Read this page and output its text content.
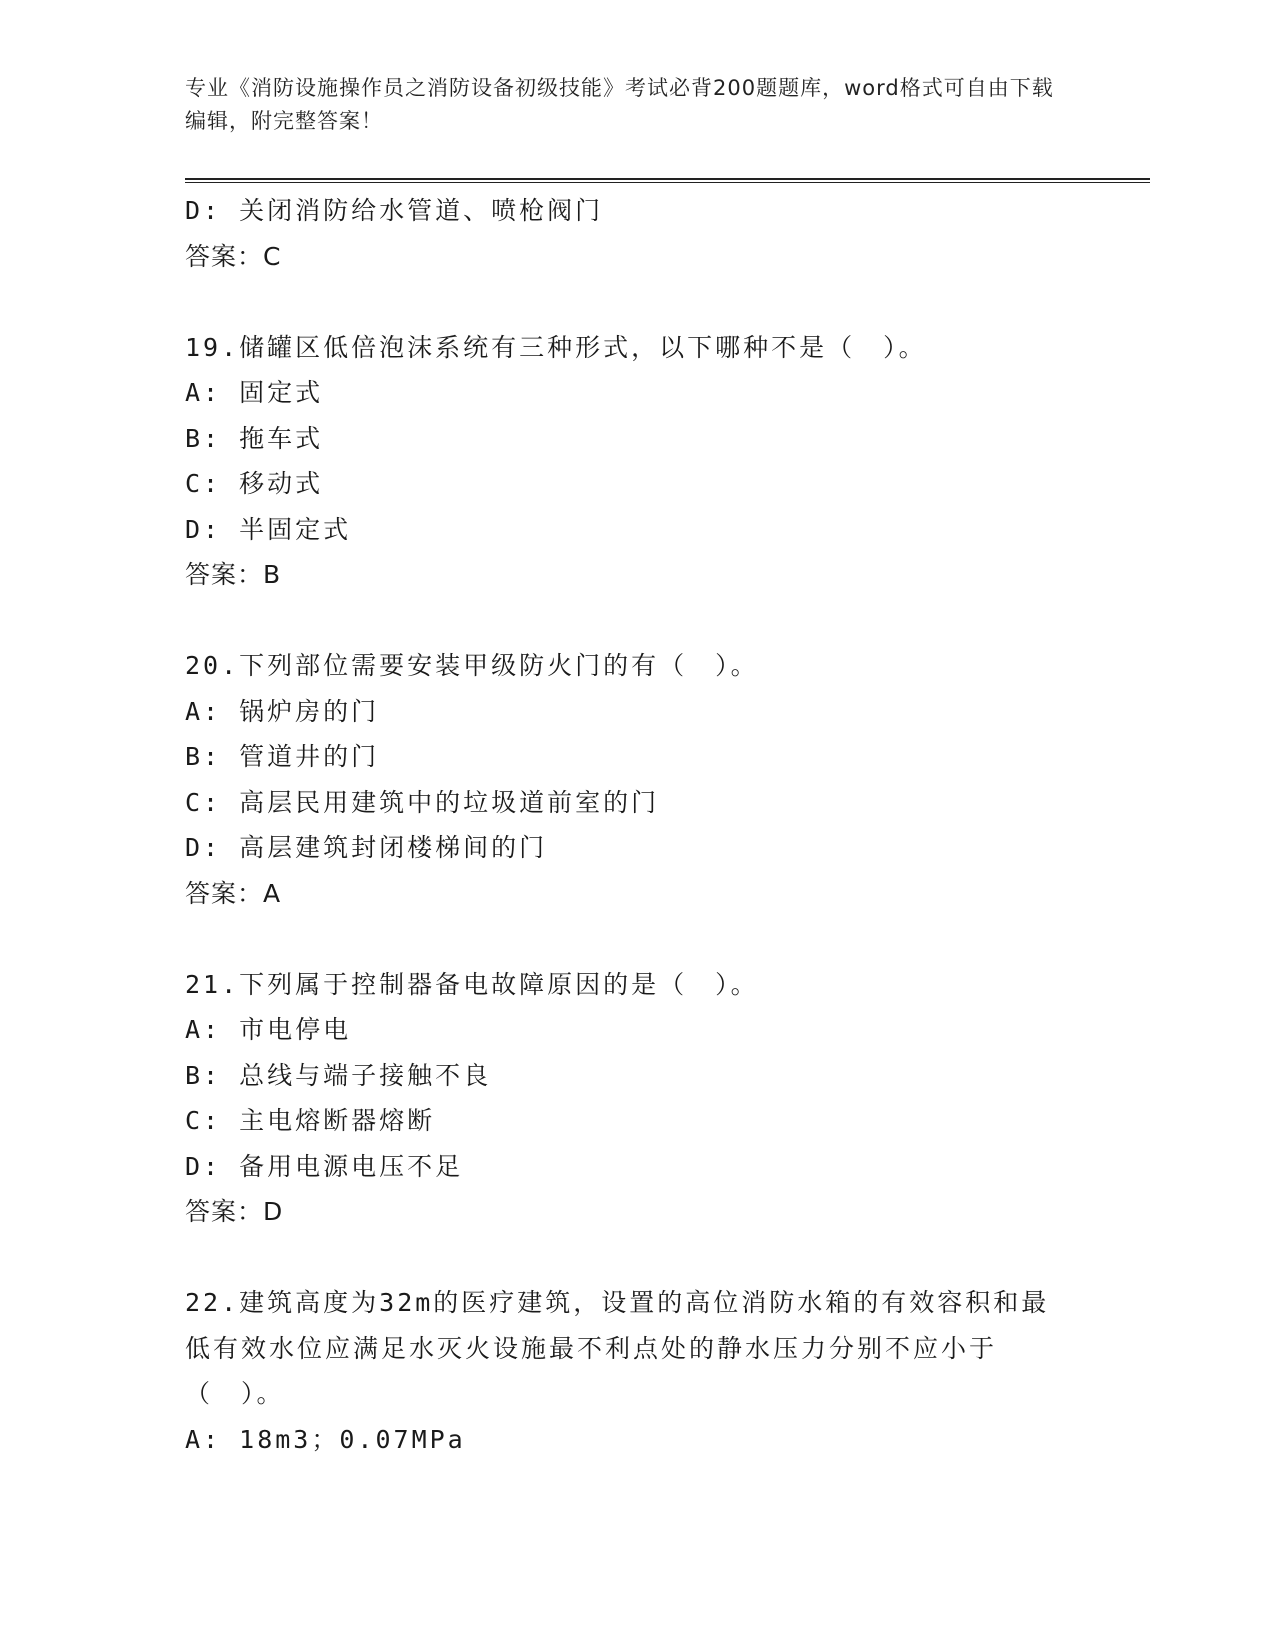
专业《消防设施操作员之消防设备初级技能》考试必背200题题库，word格式可自由下载编辑，附完整答案！
D: 关闭消防给水管道、喷枪阀门
答案：C
19.储罐区低倍泡沫系统有三种形式，以下哪种不是（　）。
A: 固定式
B: 拖车式
C: 移动式
D: 半固定式
答案：B
20.下列部位需要安装甲级防火门的有（　）。
A: 锅炉房的门
B: 管道井的门
C: 高层民用建筑中的垃圾道前室的门
D: 高层建筑封闭楼梯间的门
答案：A
21.下列属于控制器备电故障原因的是（　）。
A: 市电停电
B: 总线与端子接触不良
C: 主电熔断器熔断
D: 备用电源电压不足
答案：D
22.建筑高度为32m的医疗建筑，设置的高位消防水箱的有效容积和最低有效水位应满足水灭火设施最不利点处的静水压力分别不应小于（　）。
A: 18m3；0.07MPa
